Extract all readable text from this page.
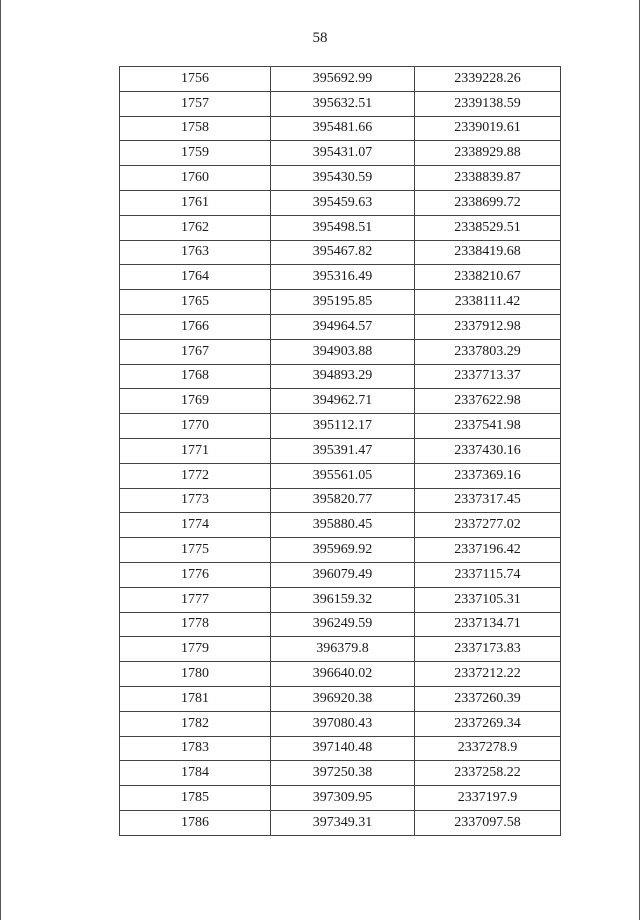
58
1756	395692.99	2339228.26
1757	395632.51	2339138.59
1758	395481.66	2339019.61
1759	395431.07	2338929.88
1760	395430.59	2338839.87
1761	395459.63	2338699.72
1762	395498.51	2338529.51
1763	395467.82	2338419.68
1764	395316.49	2338210.67
1765	395195.85	2338111.42
1766	394964.57	2337912.98
1767	394903.88	2337803.29
1768	394893.29	2337713.37
1769	394962.71	2337622.98
1770	395112.17	2337541.98
1771	395391.47	2337430.16
1772	395561.05	2337369.16
1773	395820.77	2337317.45
1774	395880.45	2337277.02
1775	395969.92	2337196.42
1776	396079.49	2337115.74
1777	396159.32	2337105.31
1778	396249.59	2337134.71
1779	396379.8	2337173.83
1780	396640.02	2337212.22
1781	396920.38	2337260.39
1782	397080.43	2337269.34
1783	397140.48	2337278.9
1784	397250.38	2337258.22
1785	397309.95	2337197.9
1786	397349.31	2337097.58
